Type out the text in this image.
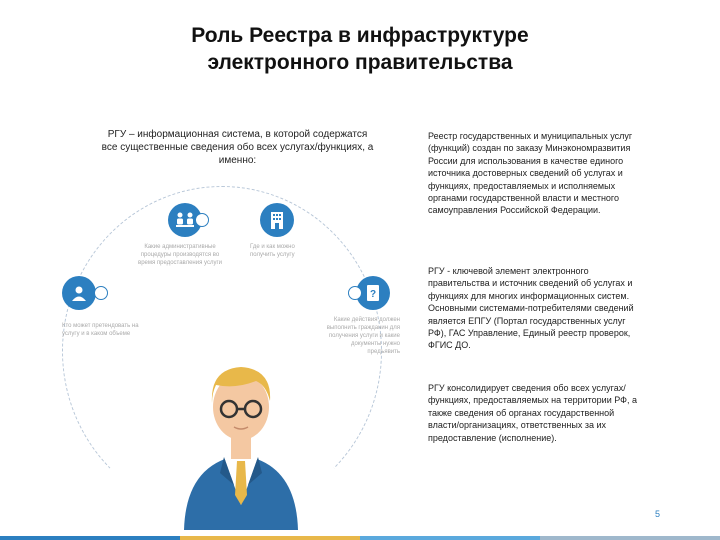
Роль Реестра в инфраструктуре
электронного правительства
РГУ – информационная система, в которой содержатся все существенные сведения обо всех услугах/функциях, а именно:
Реестр государственных и муниципальных услуг (функций) создан по заказу Минэкономразвития России для использования в качестве единого источника достоверных сведений об услугах и функциях, предоставляемых и исполняемых органами государственной власти и местного самоуправления Российской Федерации.
РГУ - ключевой элемент электронного правительства и источник сведений об услугах и функциях для многих информационных систем. Основными системами-потребителями сведений является ЕПГУ (Портал государственных услуг РФ), ГАС Управление, Единый реестр проверок, ФГИС ДО.
РГУ консолидирует сведения обо всех услугах/функциях, предоставляемых на территории РФ, а также сведения об органах государственной власти/организациях, ответственных за их предоставление (исполнение).
?
Какие административные процедуры производятся во время предоставления услуги
Где и как можно получить услугу
Кто может претендовать на услугу и в каком объеме
Какие действия должен выполнить гражданин для получения услуги и какие документы нужно предъявить
5
